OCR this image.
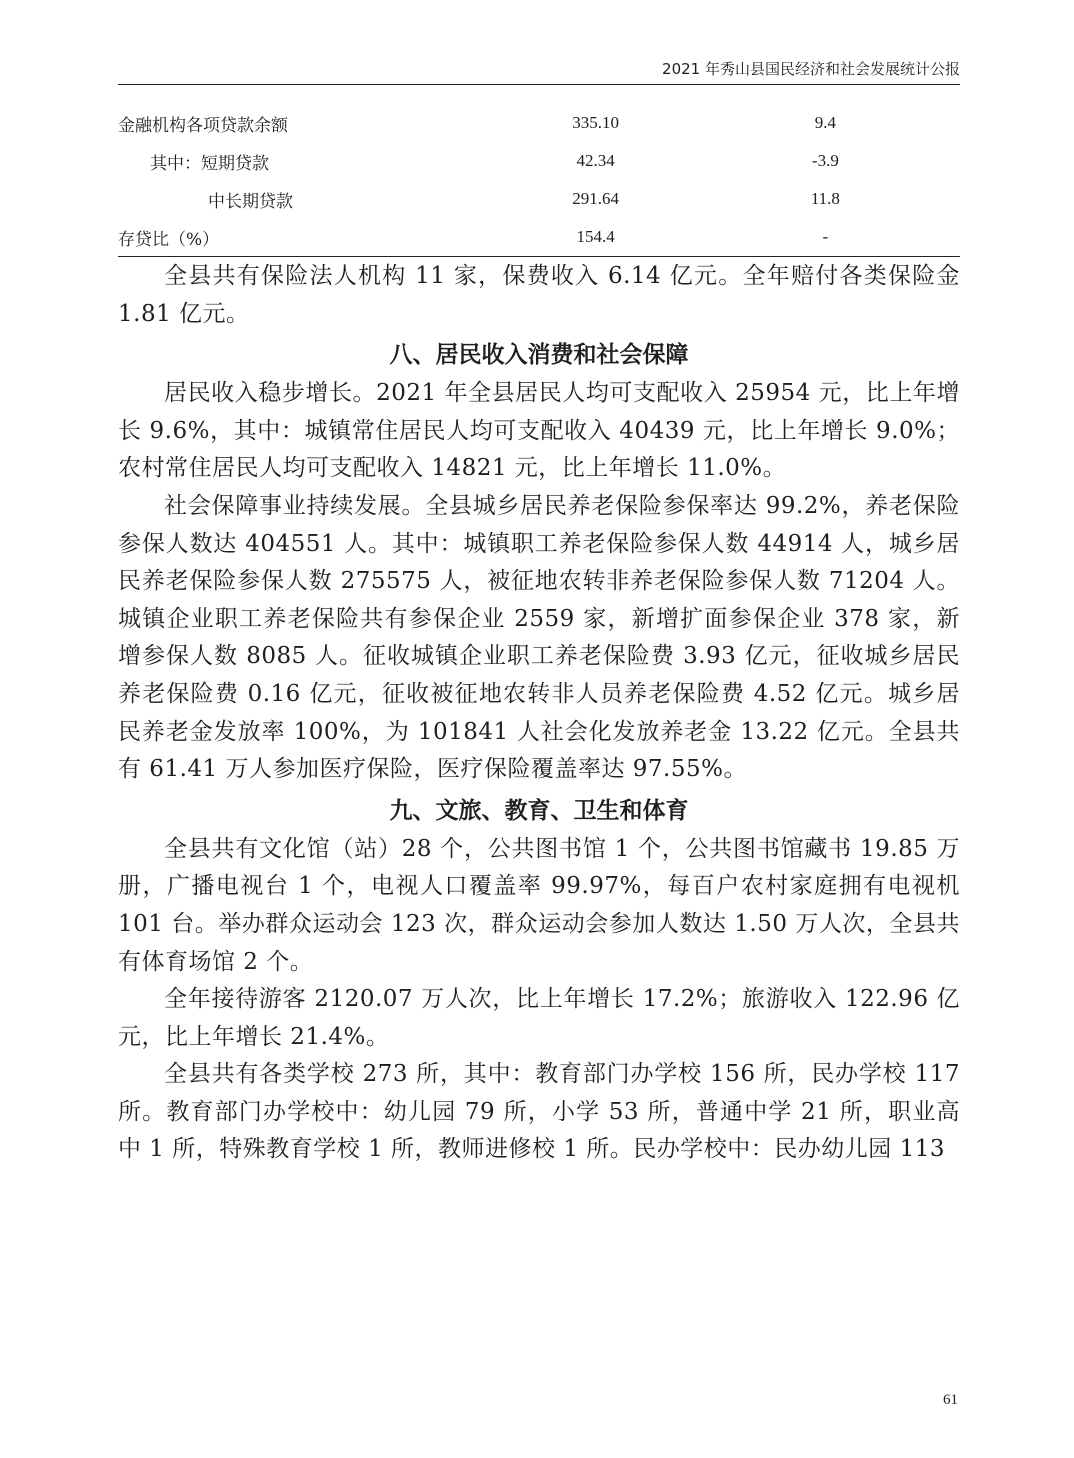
2021 年秀山县国民经济和社会发展统计公报
金融机构各项贷款余额	335.10	9.4
其中：短期贷款	42.34	-3.9
中长期贷款	291.64	11.8
存贷比（%）	154.4	-

全县共有保险法人机构 11 家，保费收入 6.14 亿元。全年赔付各类保险金 1.81 亿元。

八、居民收入消费和社会保障

居民收入稳步增长。2021 年全县居民人均可支配收入 25954 元，比上年增长 9.6%，其中：城镇常住居民人均可支配收入 40439 元，比上年增长 9.0%；农村常住居民人均可支配收入 14821 元，比上年增长 11.0%。

社会保障事业持续发展。全县城乡居民养老保险参保率达 99.2%，养老保险参保人数达 404551 人。其中：城镇职工养老保险参保人数 44914 人，城乡居民养老保险参保人数 275575 人，被征地农转非养老保险参保人数 71204 人。城镇企业职工养老保险共有参保企业 2559 家，新增扩面参保企业 378 家，新增参保人数 8085 人。征收城镇企业职工养老保险费 3.93 亿元，征收城乡居民养老保险费 0.16 亿元，征收被征地农转非人员养老保险费 4.52 亿元。城乡居民养老金发放率 100%，为 101841 人社会化发放养老金 13.22 亿元。全县共有 61.41 万人参加医疗保险，医疗保险覆盖率达 97.55%。

九、文旅、教育、卫生和体育

全县共有文化馆（站）28 个，公共图书馆 1 个，公共图书馆藏书 19.85 万册，广播电视台 1 个，电视人口覆盖率 99.97%，每百户农村家庭拥有电视机 101 台。举办群众运动会 123 次，群众运动会参加人数达 1.50 万人次，全县共有体育场馆 2 个。

全年接待游客 2120.07 万人次，比上年增长 17.2%；旅游收入 122.96 亿元，比上年增长 21.4%。

全县共有各类学校 273 所，其中：教育部门办学校 156 所，民办学校 117 所。教育部门办学校中：幼儿园 79 所，小学 53 所，普通中学 21 所，职业高中 1 所，特殊教育学校 1 所，教师进修校 1 所。民办学校中：民办幼儿园 113

61
